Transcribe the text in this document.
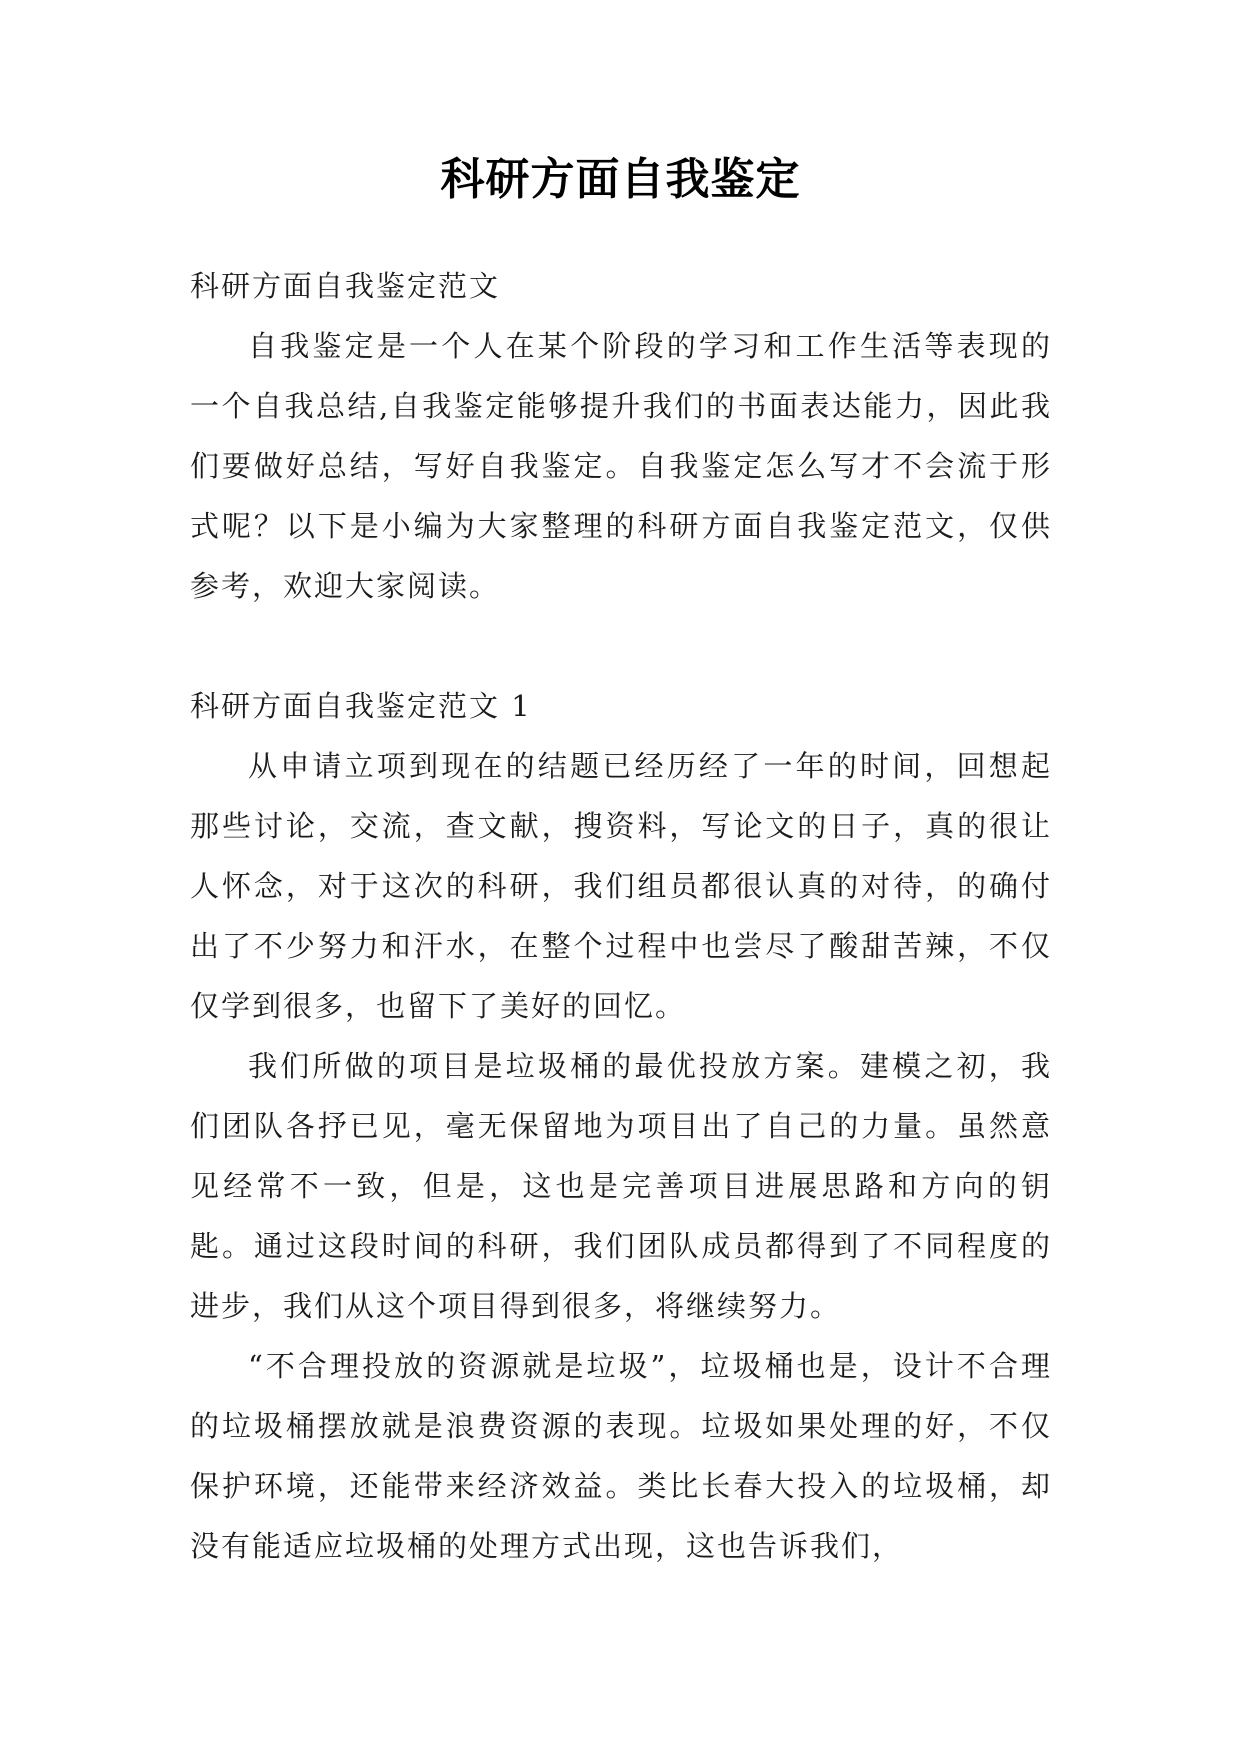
科研方面自我鉴定

科研方面自我鉴定范文

自我鉴定是一个人在某个阶段的学习和工作生活等表现的一个自我总结,自我鉴定能够提升我们的书面表达能力，因此我们要做好总结，写好自我鉴定。自我鉴定怎么写才不会流于形式呢？以下是小编为大家整理的科研方面自我鉴定范文，仅供参考，欢迎大家阅读。

科研方面自我鉴定范文 1

从申请立项到现在的结题已经历经了一年的时间，回想起那些讨论，交流，查文献，搜资料，写论文的日子，真的很让人怀念，对于这次的科研，我们组员都很认真的对待，的确付出了不少努力和汗水，在整个过程中也尝尽了酸甜苦辣，不仅仅学到很多，也留下了美好的回忆。

我们所做的项目是垃圾桶的最优投放方案。建模之初，我们团队各抒已见，毫无保留地为项目出了自己的力量。虽然意见经常不一致，但是，这也是完善项目进展思路和方向的钥匙。通过这段时间的科研，我们团队成员都得到了不同程度的进步，我们从这个项目得到很多，将继续努力。

“不合理投放的资源就是垃圾”，垃圾桶也是，设计不合理的垃圾桶摆放就是浪费资源的表现。垃圾如果处理的好，不仅保护环境，还能带来经济效益。类比长春大投入的垃圾桶，却没有能适应垃圾桶的处理方式出现，这也告诉我们，
